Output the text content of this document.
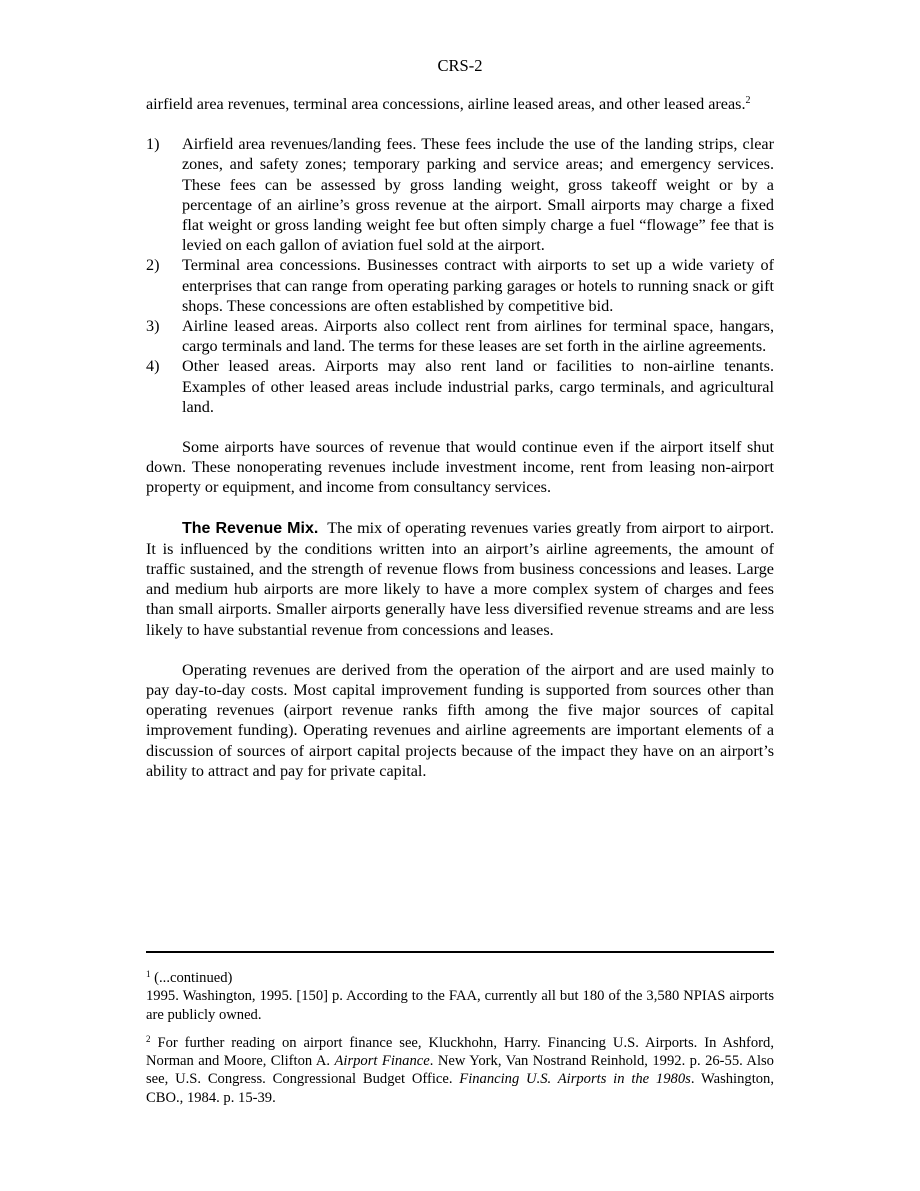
CRS-2

airfield area revenues, terminal area concessions, airline leased areas, and other leased areas.$^2$

1) Airfield area revenues/landing fees. These fees include the use of the landing strips, clear zones, and safety zones; temporary parking and service areas; and emergency services. These fees can be assessed by gross landing weight, gross takeoff weight or by a percentage of an airline’s gross revenue at the airport. Small airports may charge a fixed flat weight or gross landing weight fee but often simply charge a fuel “flowage” fee that is levied on each gallon of aviation fuel sold at the airport.
2) Terminal area concessions. Businesses contract with airports to set up a wide variety of enterprises that can range from operating parking garages or hotels to running snack or gift shops. These concessions are often established by competitive bid.
3) Airline leased areas. Airports also collect rent from airlines for terminal space, hangars, cargo terminals and land. The terms for these leases are set forth in the airline agreements.
4) Other leased areas. Airports may also rent land or facilities to non-airline tenants. Examples of other leased areas include industrial parks, cargo terminals, and agricultural land.

Some airports have sources of revenue that would continue even if the airport itself shut down. These nonoperating revenues include investment income, rent from leasing non-airport property or equipment, and income from consultancy services.

The Revenue Mix. The mix of operating revenues varies greatly from airport to airport. It is influenced by the conditions written into an airport’s airline agreements, the amount of traffic sustained, and the strength of revenue flows from business concessions and leases. Large and medium hub airports are more likely to have a more complex system of charges and fees than small airports. Smaller airports generally have less diversified revenue streams and are less likely to have substantial revenue from concessions and leases.

Operating revenues are derived from the operation of the airport and are used mainly to pay day-to-day costs. Most capital improvement funding is supported from sources other than operating revenues (airport revenue ranks fifth among the five major sources of capital improvement funding). Operating revenues and airline agreements are important elements of a discussion of sources of airport capital projects because of the impact they have on an airport’s ability to attract and pay for private capital.

$^1$ (...continued)

1995. Washington, 1995. [150] p. According to the FAA, currently all but 180 of the 3,580 NPIAS airports are publicly owned.

$^2$ For further reading on airport finance see, Kluckhohn, Harry. Financing U.S. Airports. In Ashford, Norman and Moore, Clifton A. Airport Finance. New York, Van Nostrand Reinhold, 1992. p. 26-55. Also see, U.S. Congress. Congressional Budget Office. Financing U.S. Airports in the 1980s. Washington, CBO., 1984. p. 15-39.
